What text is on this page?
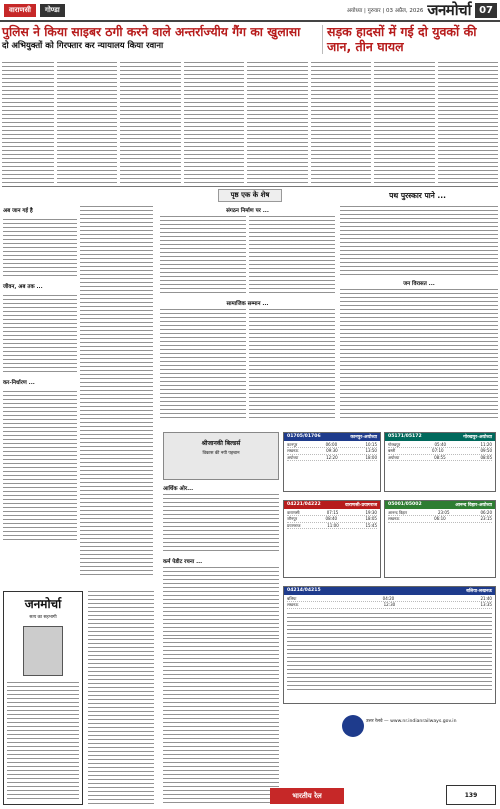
वाराणसी	गोण्डा	अयोध्या | गुरुवार | 03 अप्रैल, 2026 जनमोर्चा 07
पुलिस ने किया साइबर ठगी करने वाले अन्तर्राज्यीय गैंग का खुलासा
दो अभियुक्तों को गिरफ्तार कर न्यायालय किया रवाना
सड़क हादसों में गई दो युवकों की जान, तीन घायल
पृष्ठ एक के शेष	पथ पुरस्कार पाने ...
अब जान गई है
जीवन, अब तक ...
कर-निर्धारण ...
संगठन निर्माण पर ...
सामाजिक सम्मान ...
जन विरासत ...
जनमोर्चा
सत्य का सहभागी
श्रीजानकी बिल्डर्स
विकास की नयी पहचान
आर्थिक ओर...
कर्म पेडीट रचना ...
01705/01706	कानपुर-अयोध्या
कानपुर	06:00	10:15
लखनऊ	09:30	13:50
अयोध्या	12:20	18:00
05171/05172	गोरखपुर-अयोध्या
गोरखपुर	05:40	11:20
बस्ती	07:10	09:50
अयोध्या	08:55	08:05
04221/04222	वाराणसी-प्रयागराज
वाराणसी	07:15	19:30
जौनपुर	08:40	18:05
प्रयागराज	11:00	15:45
05001/05002	आनन्द विहार-अयोध्या
आनन्द विहार	23:05	06:20
लखनऊ	06:10	23:15
04214/04215	बलिया-लखनऊ
बलिया	04:20	21:40
लखनऊ	12:30	13:35
उत्तर रेलवे — www.nr.indianrailways.gov.in
भारतीय रेल	139
